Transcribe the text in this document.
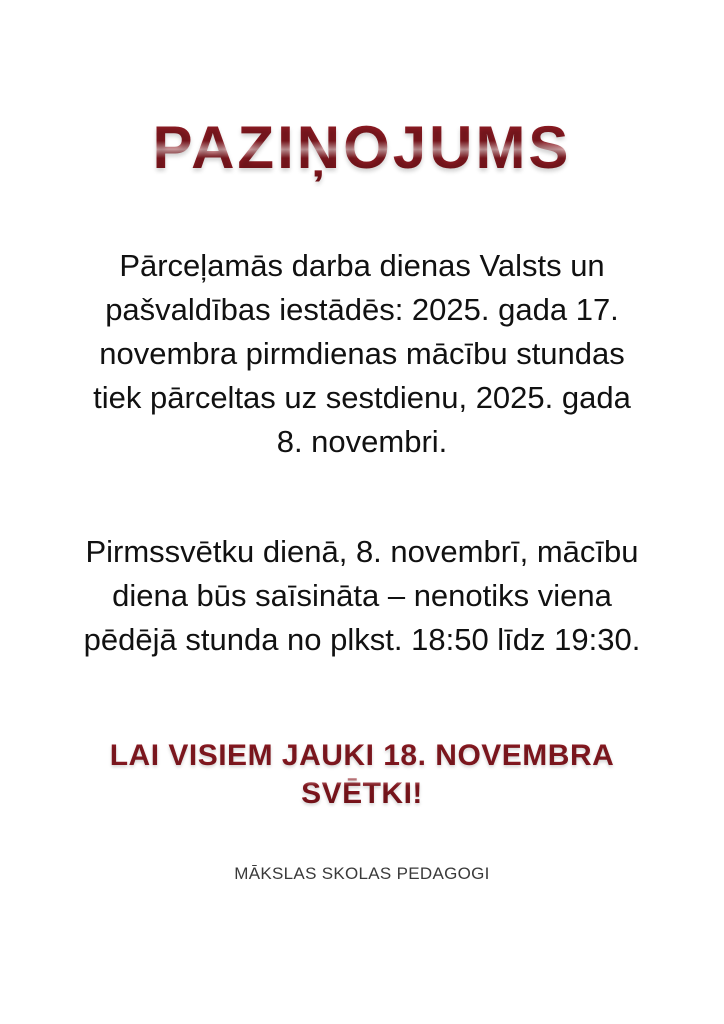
PAZIŅOJUMS
Pārceļamās darba dienas Valsts un
pašvaldības iestādēs: 2025. gada 17.
novembra pirmdienas mācību stundas
tiek pārceltas uz sestdienu, 2025. gada
8. novembri.
Pirmssvētku dienā, 8. novembrī, mācību
diena būs saīsināta – nenotiks viena
pēdējā stunda no plkst. 18:50 līdz 19:30.
LAI VISIEM JAUKI 18. NOVEMBRA
SVĒTKI!
MĀKSLAS SKOLAS PEDAGOGI
